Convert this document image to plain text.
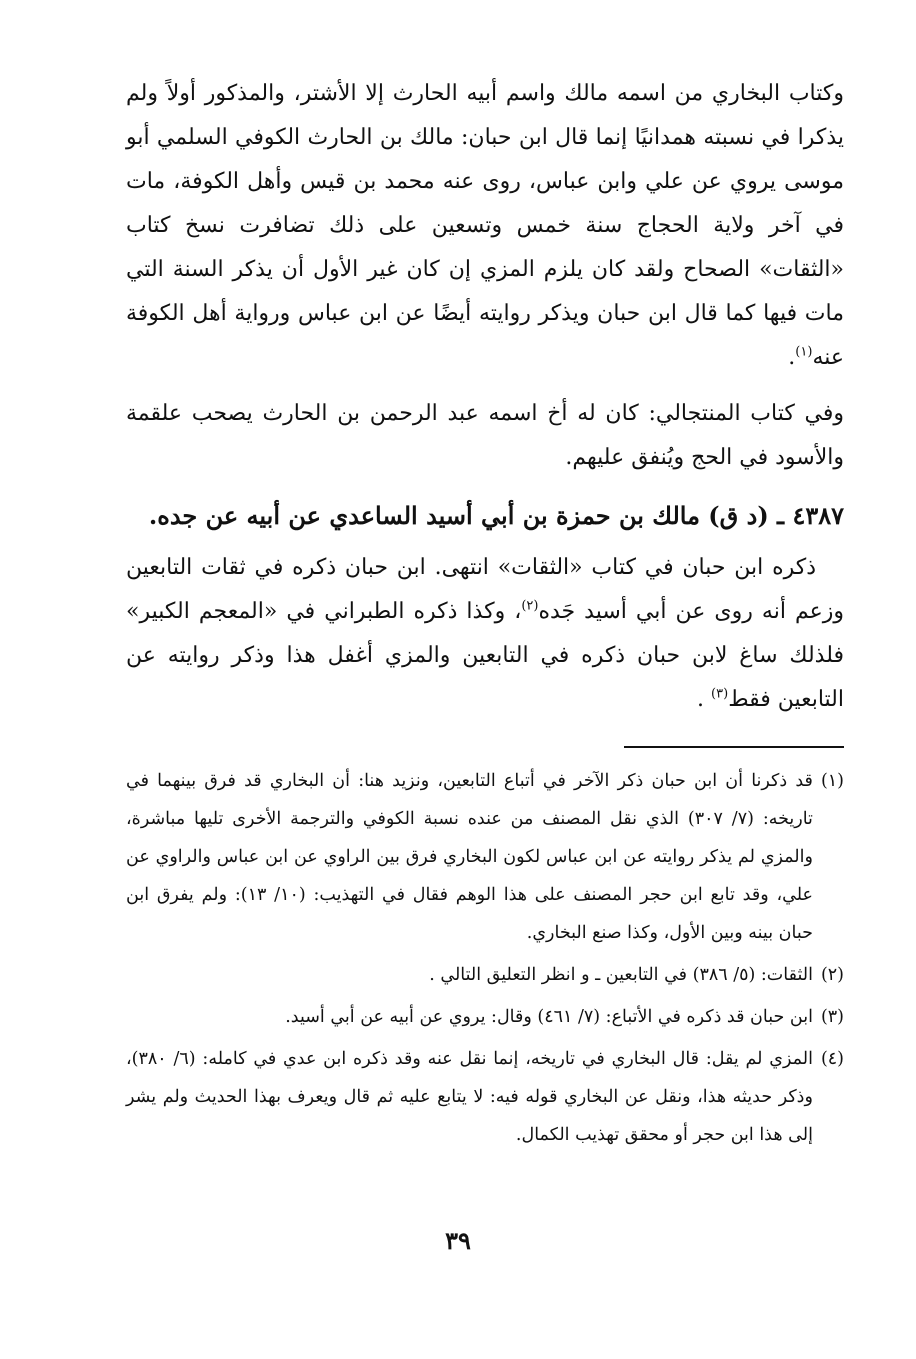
وكتاب البخاري من اسمه مالك واسم أبيه الحارث إلا الأشتر، والمذكور أولاً ولم يذكرا في نسبته همدانيًا إنما قال ابن حبان: مالك بن الحارث الكوفي السلمي أبو موسى يروي عن علي وابن عباس، روى عنه محمد بن قيس وأهل الكوفة، مات في آخر ولاية الحجاج سنة خمس وتسعين على ذلك تضافرت نسخ كتاب «الثقات» الصحاح ولقد كان يلزم المزي إن كان غير الأول أن يذكر السنة التي مات فيها كما قال ابن حبان ويذكر روايته أيضًا عن ابن عباس ورواية أهل الكوفة عنه$^{(١)}$.

وفي كتاب المنتجالي: كان له أخ اسمه عبد الرحمن بن الحارث يصحب علقمة والأسود في الحج ويُنفق عليهم.

٤٣٨٧ ـ (د ق) مالك بن حمزة بن أبي أسيد الساعدي عن أبيه عن جده.

ذكره ابن حبان في كتاب «الثقات» انتهى. ابن حبان ذكره في ثقات التابعين وزعم أنه روى عن أبي أسيد جَده$^{(٢)}$، وكذا ذكره الطبراني في «المعجم الكبير» فلذلك ساغ لابن حبان ذكره في التابعين والمزي أغفل هذا وذكر روايته عن التابعين فقط$^{(٣)}$ .

(١)
قد ذكرنا أن ابن حبان ذكر الآخر في أتباع التابعين، ونزيد هنا: أن البخاري قد فرق بينهما في تاريخه: (٧/ ٣٠٧) الذي نقل المصنف من عنده نسبة الكوفي والترجمة الأخرى تليها مباشرة، والمزي لم يذكر روايته عن ابن عباس لكون البخاري فرق بين الراوي عن ابن عباس والراوي عن علي، وقد تابع ابن حجر المصنف على هذا الوهم فقال في التهذيب: (١٠/ ١٣): ولم يفرق ابن حبان بينه وبين الأول، وكذا صنع البخاري.
(٢)
الثقات: (٥/ ٣٨٦) في التابعين ـ و انظر التعليق التالي .
(٣)
ابن حبان قد ذكره في الأتباع: (٧/ ٤٦١) وقال: يروي عن أبيه عن أبي أسيد.
(٤)
المزي لم يقل: قال البخاري في تاريخه، إنما نقل عنه وقد ذكره ابن عدي في كامله: (٦/ ٣٨٠)، وذكر حديثه هذا، ونقل عن البخاري قوله فيه: لا يتابع عليه ثم قال ويعرف بهذا الحديث ولم يشر إلى هذا ابن حجر أو محقق تهذيب الكمال.
٣٩
